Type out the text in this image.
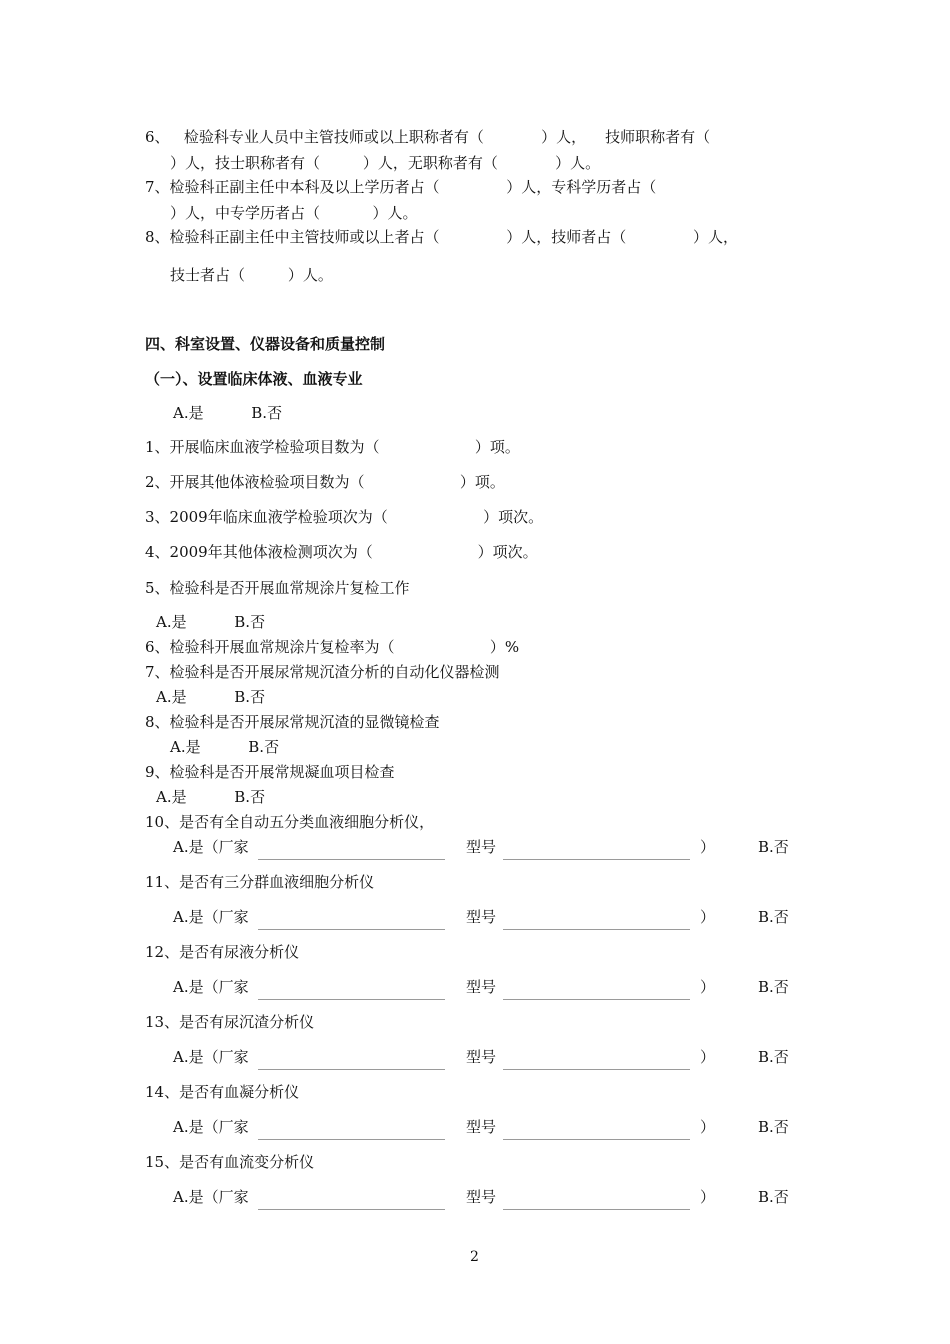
6、   检验科专业人员中主管技师或以上职称者有（            ）人，    技师职称者有（
）人，技士职称者有（         ）人，无职称者有（            ）人。
7、检验科正副主任中本科及以上学历者占（              ）人，专科学历者占（
）人，中专学历者占（           ）人。
8、检验科正副主任中主管技师或以上者占（              ）人，技师者占（              ）人，
技士者占（         ）人。
四、科室设置、仪器设备和质量控制
（一）、设置临床体液、血液专业
A.是          B.否
1、开展临床血液学检验项目数为（                    ）项。
2、开展其他体液检验项目数为（                    ）项。
3、2009年临床血液学检验项次为（                    ）项次。
4、2009年其他体液检测项次为（                      ）项次。
5、检验科是否开展血常规涂片复检工作
A.是          B.否
6、检验科开展血常规涂片复检率为（                    ）%
7、检验科是否开展尿常规沉渣分析的自动化仪器检测
A.是          B.否
8、检验科是否开展尿常规沉渣的显微镜检查
A.是          B.否
9、检验科是否开展常规凝血项目检查
A.是          B.否
10、是否有全自动五分类血液细胞分析仪，
A.是（厂家	型号	）	B.否
11、是否有三分群血液细胞分析仪
A.是（厂家	型号	）	B.否
12、是否有尿液分析仪
A.是（厂家	型号	）	B.否
13、是否有尿沉渣分析仪
A.是（厂家	型号	）	B.否
14、是否有血凝分析仪
A.是（厂家	型号	）	B.否
15、是否有血流变分析仪
A.是（厂家	型号	）	B.否
2
